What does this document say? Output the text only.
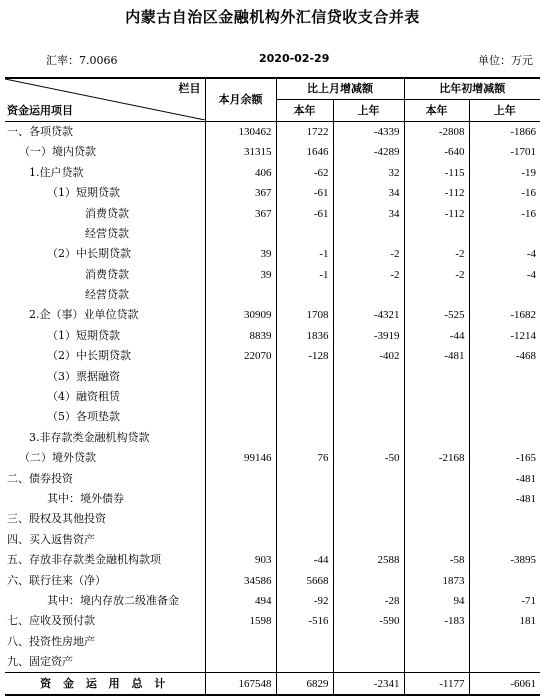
内蒙古自治区金融机构外汇信贷收支合并表
汇率：7.0066	2020-02-29	单位：万元
栏目
资金运用项目	本月余额	比上月增减额		比年初增减额	
		本年	上年	本年	上年
一、各项贷款	130462	1722	-4339	-2808	-1866
（一）境内贷款	31315	1646	-4289	-640	-1701
1.住户贷款	406	-62	32	-115	-19
（1）短期贷款	367	-61	34	-112	-16
消费贷款	367	-61	34	-112	-16
经营贷款					
（2）中长期贷款	39	-1	-2	-2	-4
消费贷款	39	-1	-2	-2	-4
经营贷款					
2.企（事）业单位贷款	30909	1708	-4321	-525	-1682
（1）短期贷款	8839	1836	-3919	-44	-1214
（2）中长期贷款	22070	-128	-402	-481	-468
（3）票据融资					
（4）融资租赁					
（5）各项垫款					
3.非存款类金融机构贷款					
（二）境外贷款	99146	76	-50	-2168	-165
二、债券投资					-481
其中：境外债券					-481
三、股权及其他投资					
四、买入返售资产					
五、存放非存款类金融机构款项	903	-44	2588	-58	-3895
六、联行往来（净）	34586	5668		1873	
其中：境内存放二级准备金	494	-92	-28	94	-71
七、应收及预付款	1598	-516	-590	-183	181
八、投资性房地产					
九、固定资产					
资 金 运 用 总 计	167548	6829	-2341	-1177	-6061
